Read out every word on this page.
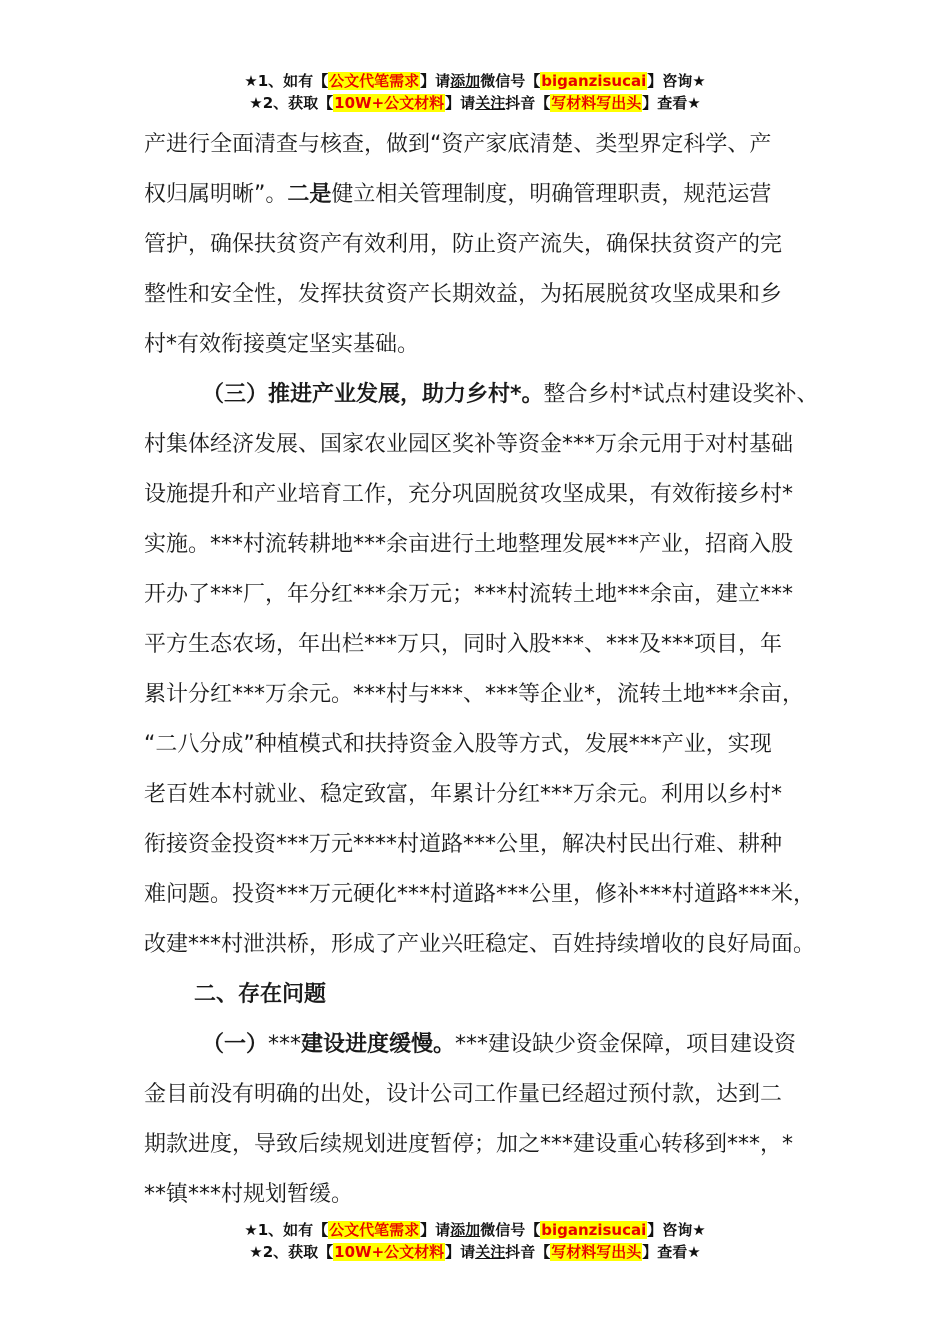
★1、如有【公文代笔需求】请添加微信号【biganzisucai】咨询★
★2、获取【10W+公文材料】请关注抖音【写材料写出头】查看★
产进行全面清查与核查，做到“资产家底清楚、类型界定科学、产
权归属明晰”。二是健立相关管理制度，明确管理职责，规范运营
管护，确保扶贫资产有效利用，防止资产流失，确保扶贫资产的完
整性和安全性，发挥扶贫资产长期效益，为拓展脱贫攻坚成果和乡
村*有效衔接奠定坚实基础。
（三）推进产业发展，助力乡村*。整合乡村*试点村建设奖补、
村集体经济发展、国家农业园区奖补等资金***万余元用于对村基础
设施提升和产业培育工作，充分巩固脱贫攻坚成果，有效衔接乡村*
实施。***村流转耕地***余亩进行土地整理发展***产业，招商入股
开办了***厂，年分红***余万元；***村流转土地***余亩，建立***
平方生态农场，年出栏***万只，同时入股***、***及***项目，年
累计分红***万余元。***村与***、***等企业*，流转土地***余亩，
“二八分成”种植模式和扶持资金入股等方式，发展***产业，实现
老百姓本村就业、稳定致富，年累计分红***万余元。利用以乡村*
衔接资金投资***万元****村道路***公里，解决村民出行难、耕种
难问题。投资***万元硬化***村道路***公里，修补***村道路***米，
改建***村泄洪桥，形成了产业兴旺稳定、百姓持续增收的良好局面。
二、存在问题
（一）***建设进度缓慢。***建设缺少资金保障，项目建设资
金目前没有明确的出处，设计公司工作量已经超过预付款，达到二
期款进度，导致后续规划进度暂停；加之***建设重心转移到***，*
**镇***村规划暂缓。
★1、如有【公文代笔需求】请添加微信号【biganzisucai】咨询★
★2、获取【10W+公文材料】请关注抖音【写材料写出头】查看★
